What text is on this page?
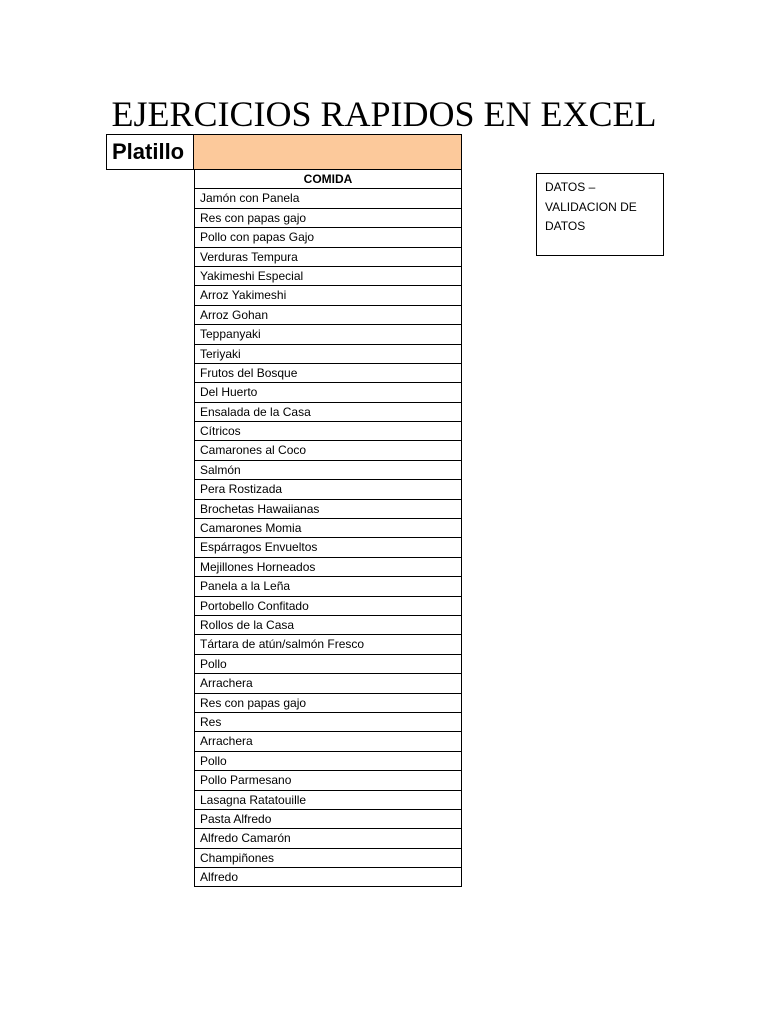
EJERCICIOS RAPIDOS EN EXCEL
Platillo
COMIDA
Jamón con Panela
Res con papas gajo
Pollo con papas Gajo
Verduras Tempura
Yakimeshi Especial
Arroz Yakimeshi
Arroz Gohan
Teppanyaki
Teriyaki
Frutos del Bosque
Del Huerto
Ensalada de la Casa
Cítricos
Camarones al Coco
Salmón
Pera Rostizada
Brochetas Hawaiianas
Camarones Momia
Espárragos Envueltos
Mejillones Horneados
Panela a la Leña
Portobello Confitado
Rollos de la Casa
Tártara de atún/salmón Fresco
Pollo
Arrachera
Res con papas gajo
Res
Arrachera
Pollo
Pollo Parmesano
Lasagna Ratatouille
Pasta Alfredo
Alfredo Camarón
Champiñones
Alfredo
DATOS –
VALIDACION DE
DATOS
